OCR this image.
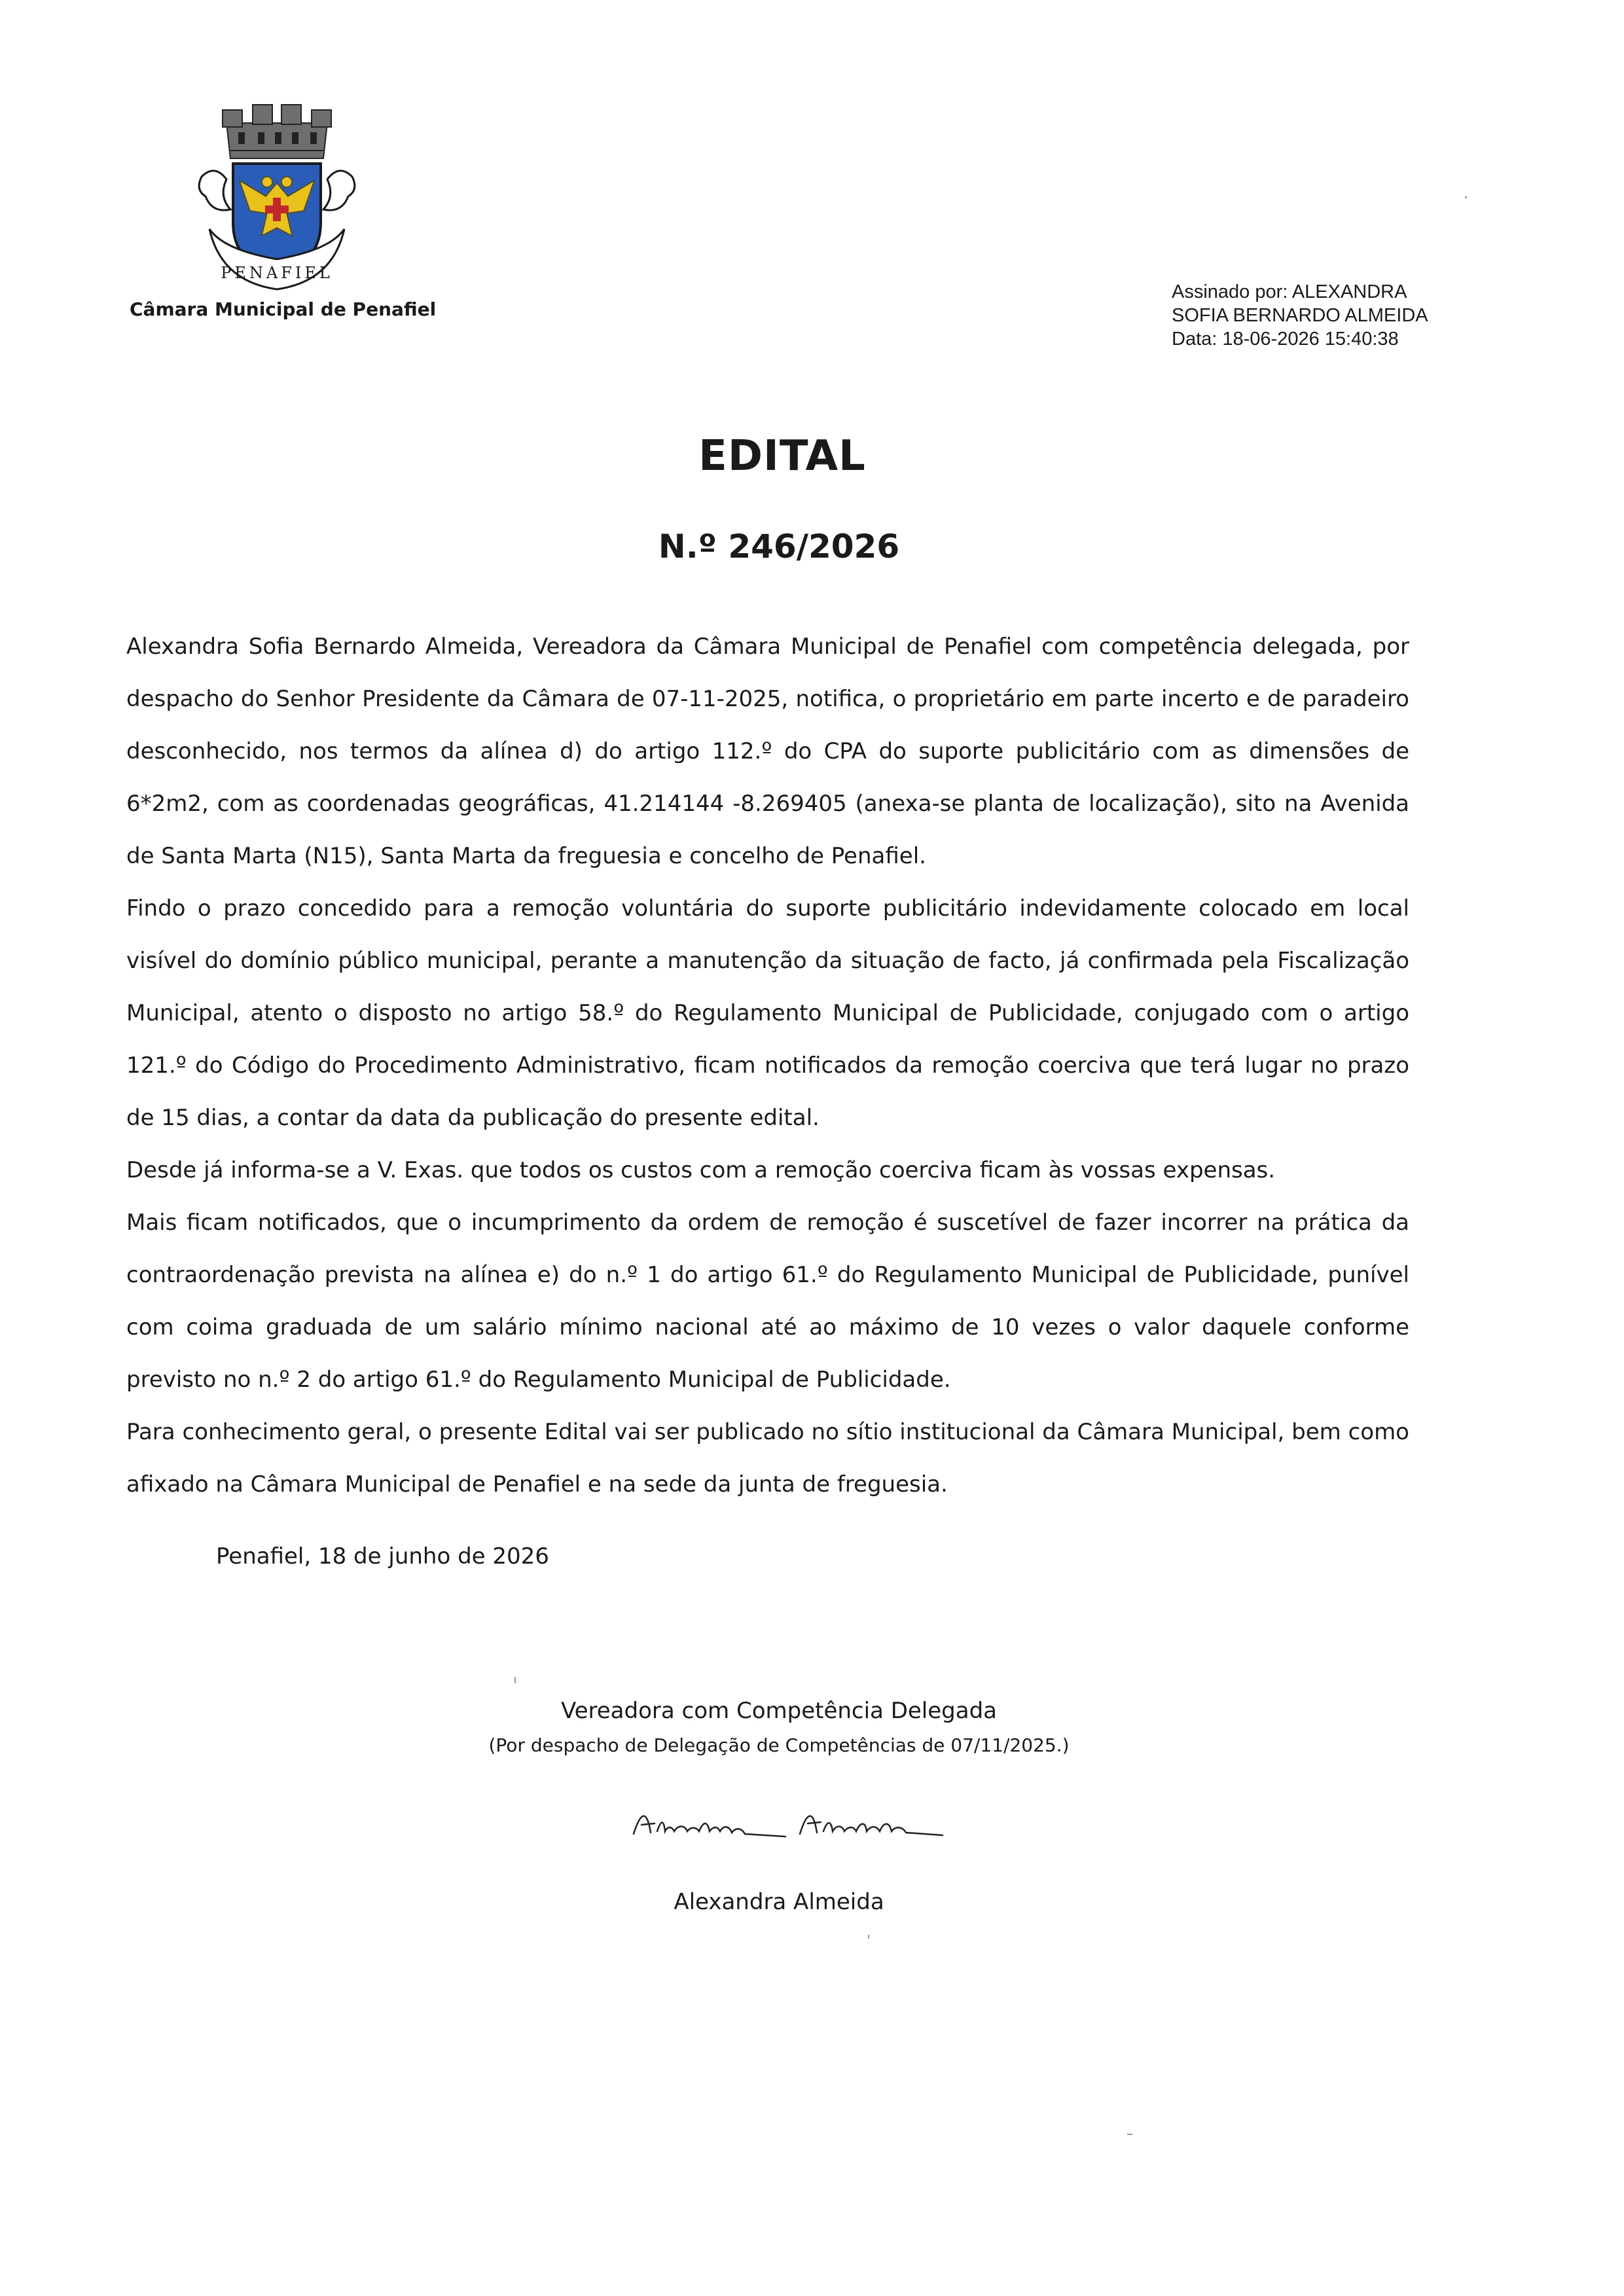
PENAFIEL
Câmara Municipal de Penafiel
Assinado por: ALEXANDRA
SOFIA BERNARDO ALMEIDA
Data: 18-06-2026 15:40:38
EDITAL
N.º 246/2026

Alexandra Sofia Bernardo Almeida, Vereadora da Câmara Municipal de Penafiel com competência delegada, por despacho do Senhor Presidente da Câmara de 07-11-2025, notifica, o proprietário em parte incerto e de paradeiro desconhecido, nos termos da alínea d) do artigo 112.º do CPA do suporte publicitário com as dimensões de 6*2m2, com as coordenadas geográficas, 41.214144 -8.269405 (anexa-se planta de localização), sito na Avenida de Santa Marta (N15), Santa Marta da freguesia e concelho de Penafiel.

Findo o prazo concedido para a remoção voluntária do suporte publicitário indevidamente colocado em local visível do domínio público municipal, perante a manutenção da situação de facto, já confirmada pela Fiscalização Municipal, atento o disposto no artigo 58.º do Regulamento Municipal de Publicidade, conjugado com o artigo 121.º do Código do Procedimento Administrativo, ficam notificados da remoção coerciva que terá lugar no prazo de 15 dias, a contar da data da publicação do presente edital.

Desde já informa-se a V. Exas. que todos os custos com a remoção coerciva ficam às vossas expensas.

Mais ficam notificados, que o incumprimento da ordem de remoção é suscetível de fazer incorrer na prática da contraordenação prevista na alínea e) do n.º 1 do artigo 61.º do Regulamento Municipal de Publicidade, punível com coima graduada de um salário mínimo nacional até ao máximo de 10 vezes o valor daquele conforme previsto no n.º 2 do artigo 61.º do Regulamento Municipal de Publicidade.

Para conhecimento geral, o presente Edital vai ser publicado no sítio institucional da Câmara Municipal, bem como afixado na Câmara Municipal de Penafiel e na sede da junta de freguesia.

Penafiel, 18 de junho de 2026
Vereadora com Competência Delegada
(Por despacho de Delegação de Competências de 07/11/2025.)
Alexandra Almeida
